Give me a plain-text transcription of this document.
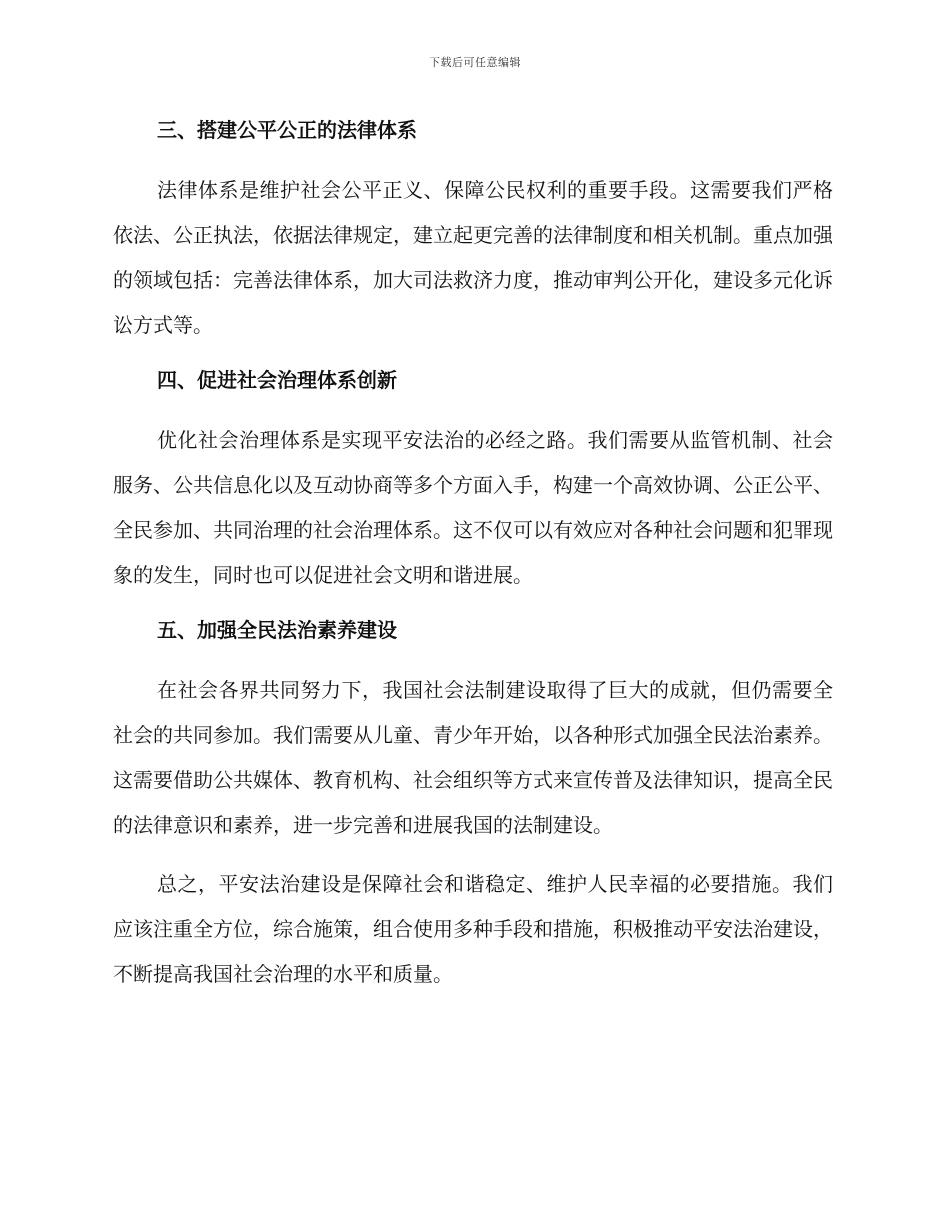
下载后可任意编辑
三、搭建公平公正的法律体系

法律体系是维护社会公平正义、保障公民权利的重要手段。这需要我们严格依法、公正执法，依据法律规定，建立起更完善的法律制度和相关机制。重点加强的领域包括：完善法律体系，加大司法救济力度，推动审判公开化，建设多元化诉讼方式等。

四、促进社会治理体系创新

优化社会治理体系是实现平安法治的必经之路。我们需要从监管机制、社会服务、公共信息化以及互动协商等多个方面入手，构建一个高效协调、公正公平、全民参加、共同治理的社会治理体系。这不仅可以有效应对各种社会问题和犯罪现象的发生，同时也可以促进社会文明和谐进展。

五、加强全民法治素养建设

在社会各界共同努力下，我国社会法制建设取得了巨大的成就，但仍需要全社会的共同参加。我们需要从儿童、青少年开始，以各种形式加强全民法治素养。这需要借助公共媒体、教育机构、社会组织等方式来宣传普及法律知识，提高全民的法律意识和素养，进一步完善和进展我国的法制建设。

总之，平安法治建设是保障社会和谐稳定、维护人民幸福的必要措施。我们应该注重全方位，综合施策，组合使用多种手段和措施，积极推动平安法治建设，不断提高我国社会治理的水平和质量。
